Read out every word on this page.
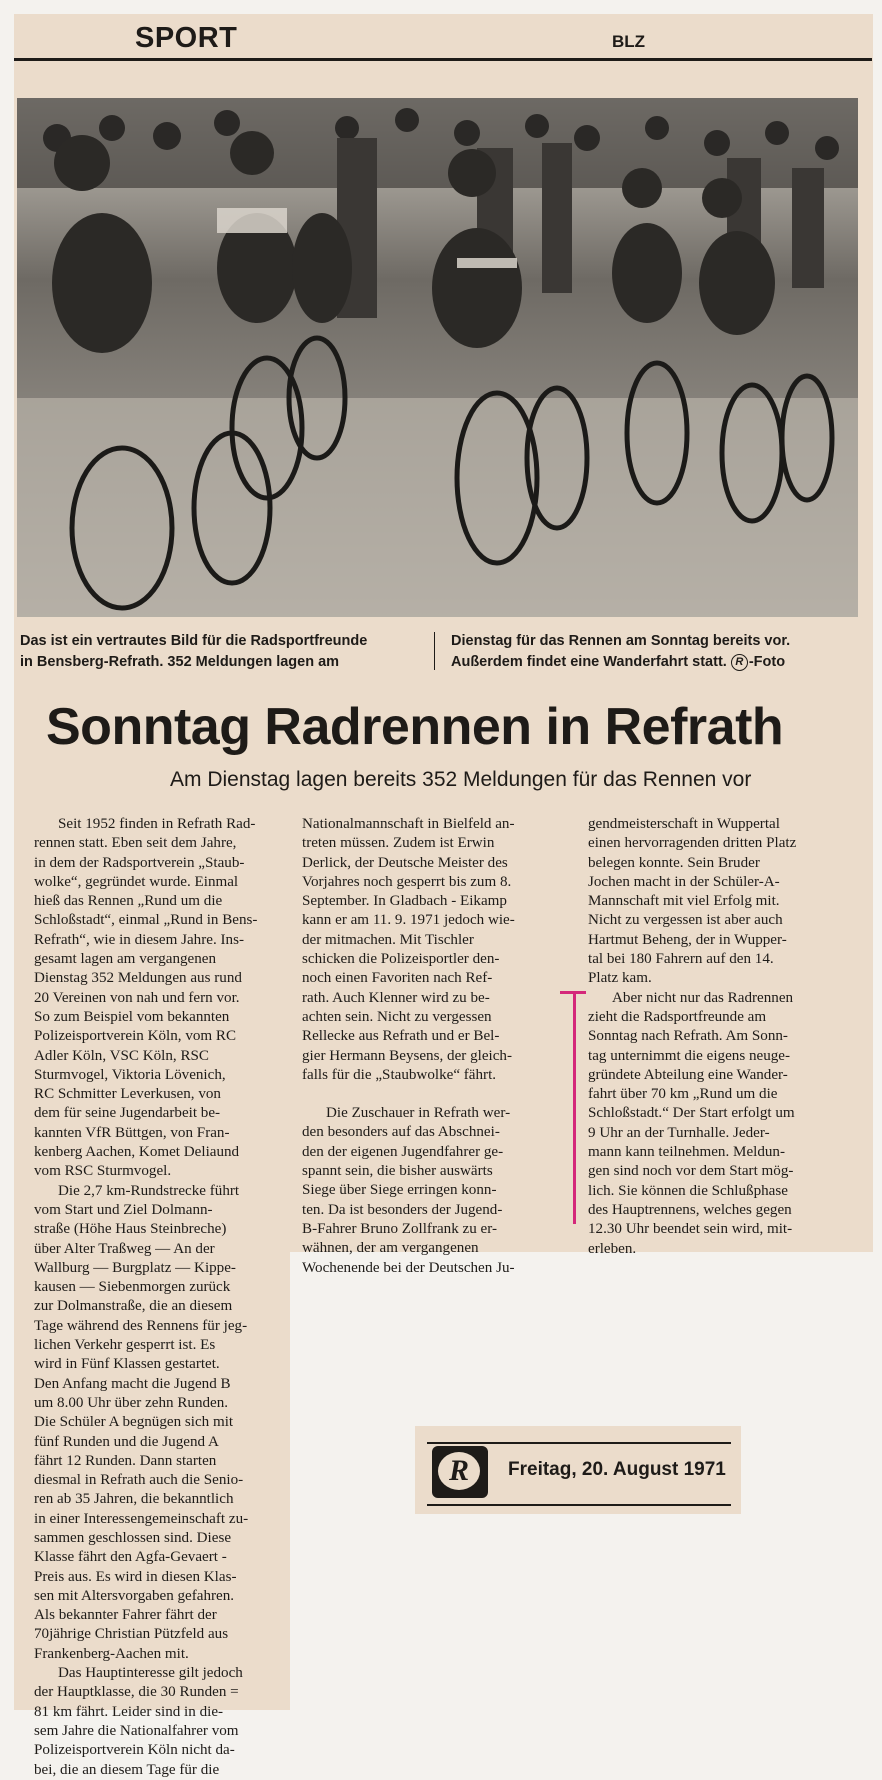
SPORT	BLZ
Das ist ein vertrautes Bild für die Radsportfreunde
in Bensberg-Refrath. 352 Meldungen lagen am
Dienstag für das Rennen am Sonntag bereits vor.
Außerdem findet eine Wanderfahrt statt. R -Foto
Sonntag Radrennen in Refrath
Am Dienstag lagen bereits 352 Meldungen für das Rennen vor

Seit 1952 finden in Refrath Rad-

rennen statt. Eben seit dem Jahre,

in dem der Radsportverein „Staub-

wolke“, gegründet wurde. Einmal

hieß das Rennen „Rund um die

Schloßstadt“, einmal „Rund in Bens-

Refrath“, wie in diesem Jahre. Ins-

gesamt lagen am vergangenen

Dienstag 352 Meldungen aus rund

20 Vereinen von nah und fern vor.

So zum Beispiel vom bekannten

Polizeisportverein Köln, vom RC

Adler Köln, VSC Köln, RSC

Sturmvogel, Viktoria Lövenich,

RC Schmitter Leverkusen, von

dem für seine Jugendarbeit be-

kannten VfR Büttgen, von Fran-

kenberg Aachen, Komet Deliaund

vom RSC Sturmvogel.

Die 2,7 km-Rundstrecke führt

vom Start und Ziel Dolmann-

straße (Höhe Haus Steinbreche)

über Alter Traßweg — An der

Wallburg — Burgplatz — Kippe-

kausen — Siebenmorgen zurück

zur Dolmanstraße, die an diesem

Tage während des Rennens für jeg-

lichen Verkehr gesperrt ist. Es

wird in Fünf Klassen gestartet.

Den Anfang macht die Jugend B

um 8.00 Uhr über zehn Runden.

Die Schüler A begnügen sich mit

fünf Runden und die Jugend A

fährt 12 Runden. Dann starten

diesmal in Refrath auch die Senio-

ren ab 35 Jahren, die bekanntlich

in einer Interessengemeinschaft zu-

sammen geschlossen sind. Diese

Klasse fährt den Agfa-Gevaert -

Preis aus. Es wird in diesen Klas-

sen mit Altersvorgaben gefahren.

Als bekannter Fahrer fährt der

70jährige Christian Pützfeld aus

Frankenberg-Aachen mit.

Das Hauptinteresse gilt jedoch

der Hauptklasse, die 30 Runden =

81 km fährt. Leider sind in die-

sem Jahre die Nationalfahrer vom

Polizeisportverein Köln nicht da-

bei, die an diesem Tage für die

Nationalmannschaft in Bielfeld an-

treten müssen. Zudem ist Erwin

Derlick, der Deutsche Meister des

Vorjahres noch gesperrt bis zum 8.

September. In Gladbach - Eikamp

kann er am 11. 9. 1971 jedoch wie-

der mitmachen. Mit Tischler

schicken die Polizeisportler den-

noch einen Favoriten nach Ref-

rath. Auch Klenner wird zu be-

achten sein. Nicht zu vergessen

Rellecke aus Refrath und er Bel-

gier Hermann Beysens, der gleich-

falls für die „Staubwolke“ fährt.

Die Zuschauer in Refrath wer-

den besonders auf das Abschnei-

den der eigenen Jugendfahrer ge-

spannt sein, die bisher auswärts

Siege über Siege erringen konn-

ten. Da ist besonders der Jugend-

B-Fahrer Bruno Zollfrank zu er-

wähnen, der am vergangenen

Wochenende bei der Deutschen Ju-

gendmeisterschaft in Wuppertal

einen hervorragenden dritten Platz

belegen konnte. Sein Bruder

Jochen macht in der Schüler-A-

Mannschaft mit viel Erfolg mit.

Nicht zu vergessen ist aber auch

Hartmut Beheng, der in Wupper-

tal bei 180 Fahrern auf den 14.

Platz kam.

Aber nicht nur das Radrennen

zieht die Radsportfreunde am

Sonntag nach Refrath. Am Sonn-

tag unternimmt die eigens neuge-

gründete Abteilung eine Wander-

fahrt über 70 km „Rund um die

Schloßstadt.“ Der Start erfolgt um

9 Uhr an der Turnhalle. Jeder-

mann kann teilnehmen. Meldun-

gen sind noch vor dem Start mög-

lich. Sie können die Schlußphase

des Hauptrennens, welches gegen

12.30 Uhr beendet sein wird, mit-

erleben.

R	Freitag, 20. August 1971
